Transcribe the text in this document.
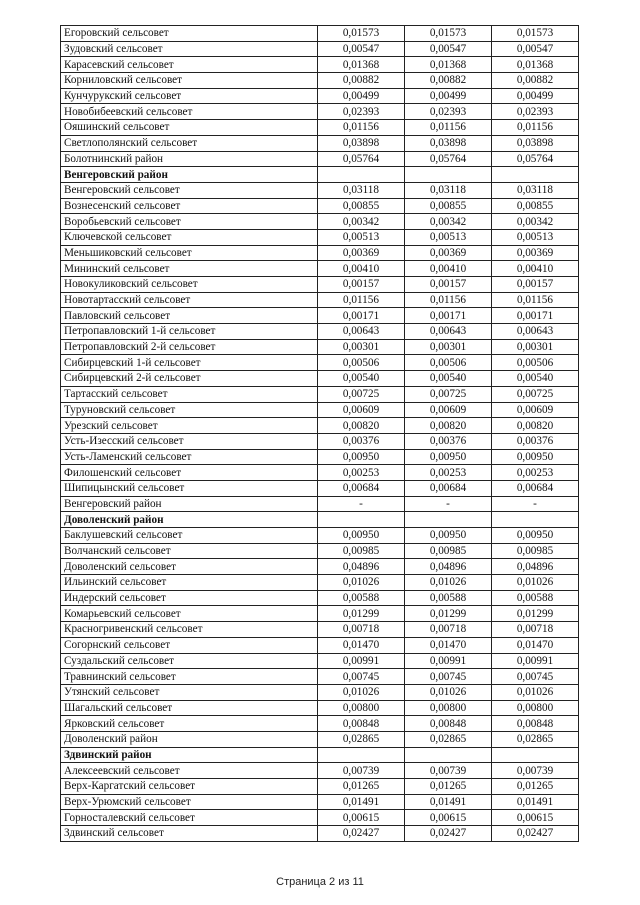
Егоровский сельсовет	0,01573	0,01573	0,01573
Зудовский сельсовет	0,00547	0,00547	0,00547
Карасевский сельсовет	0,01368	0,01368	0,01368
Корниловский сельсовет	0,00882	0,00882	0,00882
Кунчурукский сельсовет	0,00499	0,00499	0,00499
Новобибеевский сельсовет	0,02393	0,02393	0,02393
Ояшинский сельсовет	0,01156	0,01156	0,01156
Светлополянский сельсовет	0,03898	0,03898	0,03898
Болотнинский район	0,05764	0,05764	0,05764
Венгеровский район			
Венгеровский сельсовет	0,03118	0,03118	0,03118
Вознесенский сельсовет	0,00855	0,00855	0,00855
Воробьевский сельсовет	0,00342	0,00342	0,00342
Ключевской сельсовет	0,00513	0,00513	0,00513
Меньшиковский сельсовет	0,00369	0,00369	0,00369
Мининский сельсовет	0,00410	0,00410	0,00410
Новокуликовский сельсовет	0,00157	0,00157	0,00157
Новотартасский сельсовет	0,01156	0,01156	0,01156
Павловский сельсовет	0,00171	0,00171	0,00171
Петропавловский 1-й сельсовет	0,00643	0,00643	0,00643
Петропавловский 2-й сельсовет	0,00301	0,00301	0,00301
Сибирцевский 1-й сельсовет	0,00506	0,00506	0,00506
Сибирцевский 2-й сельсовет	0,00540	0,00540	0,00540
Тартасский сельсовет	0,00725	0,00725	0,00725
Туруновский сельсовет	0,00609	0,00609	0,00609
Урезский сельсовет	0,00820	0,00820	0,00820
Усть-Изесский сельсовет	0,00376	0,00376	0,00376
Усть-Ламенский сельсовет	0,00950	0,00950	0,00950
Филошенский сельсовет	0,00253	0,00253	0,00253
Шипицынский сельсовет	0,00684	0,00684	0,00684
Венгеровский район	-	-	-
Доволенский район			
Баклушевский сельсовет	0,00950	0,00950	0,00950
Волчанский сельсовет	0,00985	0,00985	0,00985
Доволенский сельсовет	0,04896	0,04896	0,04896
Ильинский сельсовет	0,01026	0,01026	0,01026
Индерский сельсовет	0,00588	0,00588	0,00588
Комарьевский сельсовет	0,01299	0,01299	0,01299
Красногривенский сельсовет	0,00718	0,00718	0,00718
Согорнский сельсовет	0,01470	0,01470	0,01470
Суздальский сельсовет	0,00991	0,00991	0,00991
Травнинский сельсовет	0,00745	0,00745	0,00745
Утянский сельсовет	0,01026	0,01026	0,01026
Шагальский сельсовет	0,00800	0,00800	0,00800
Ярковский сельсовет	0,00848	0,00848	0,00848
Доволенский район	0,02865	0,02865	0,02865
Здвинский район			
Алексеевский сельсовет	0,00739	0,00739	0,00739
Верх-Каргатский сельсовет	0,01265	0,01265	0,01265
Верх-Урюмский сельсовет	0,01491	0,01491	0,01491
Горносталевский сельсовет	0,00615	0,00615	0,00615
Здвинский сельсовет	0,02427	0,02427	0,02427
Страница 2 из 11
